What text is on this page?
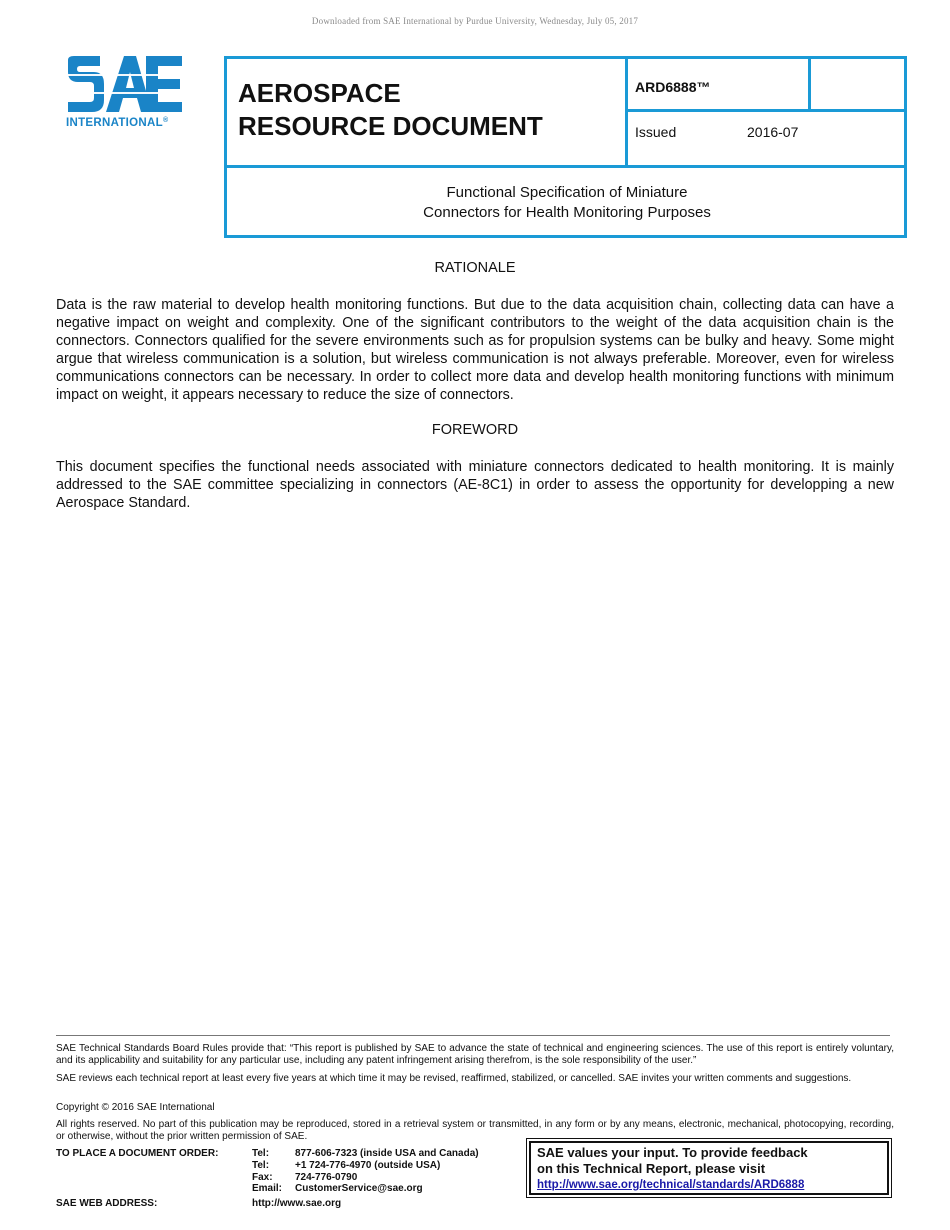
Downloaded from SAE International by Purdue University, Wednesday, July 05, 2017
INTERNATIONAL®
AEROSPACE
RESOURCE DOCUMENT
ARD6888™
Issued	2016-07
Functional Specification of Miniature
Connectors for Health Monitoring Purposes
RATIONALE
Data is the raw material to develop health monitoring functions. But due to the data acquisition chain, collecting data can have a negative impact on weight and complexity. One of the significant contributors to the weight of the data acquisition chain is the connectors. Connectors qualified for the severe environments such as for propulsion systems can be bulky and heavy. Some might argue that wireless communication is a solution, but wireless communication is not always preferable. Moreover, even for wireless communications connectors can be necessary. In order to collect more data and develop health monitoring functions with minimum impact on weight, it appears necessary to reduce the size of connectors.
FOREWORD
This document specifies the functional needs associated with miniature connectors dedicated to health monitoring. It is mainly addressed to the SAE committee specializing in connectors (AE-8C1) in order to assess the opportunity for developping a new Aerospace Standard.
SAE Technical Standards Board Rules provide that: “This report is published by SAE to advance the state of technical and engineering sciences. The use of this report is entirely voluntary, and its applicability and suitability for any particular use, including any patent infringement arising therefrom, is the sole responsibility of the user.”
SAE reviews each technical report at least every five years at which time it may be revised, reaffirmed, stabilized, or cancelled. SAE invites your written comments and suggestions.
Copyright © 2016 SAE International
All rights reserved. No part of this publication may be reproduced, stored in a retrieval system or transmitted, in any form or by any means, electronic, mechanical, photocopying, recording, or otherwise, without the prior written permission of SAE.
TO PLACE A DOCUMENT ORDER:	Tel:	877-606-7323 (inside USA and Canada)
Tel:	+1 724-776-4970 (outside USA)
Fax:	724-776-0790
Email:	CustomerService@sae.org
SAE WEB ADDRESS:	http://www.sae.org
SAE values your input. To provide feedback
on this Technical Report, please visit
http://www.sae.org/technical/standards/ARD6888
